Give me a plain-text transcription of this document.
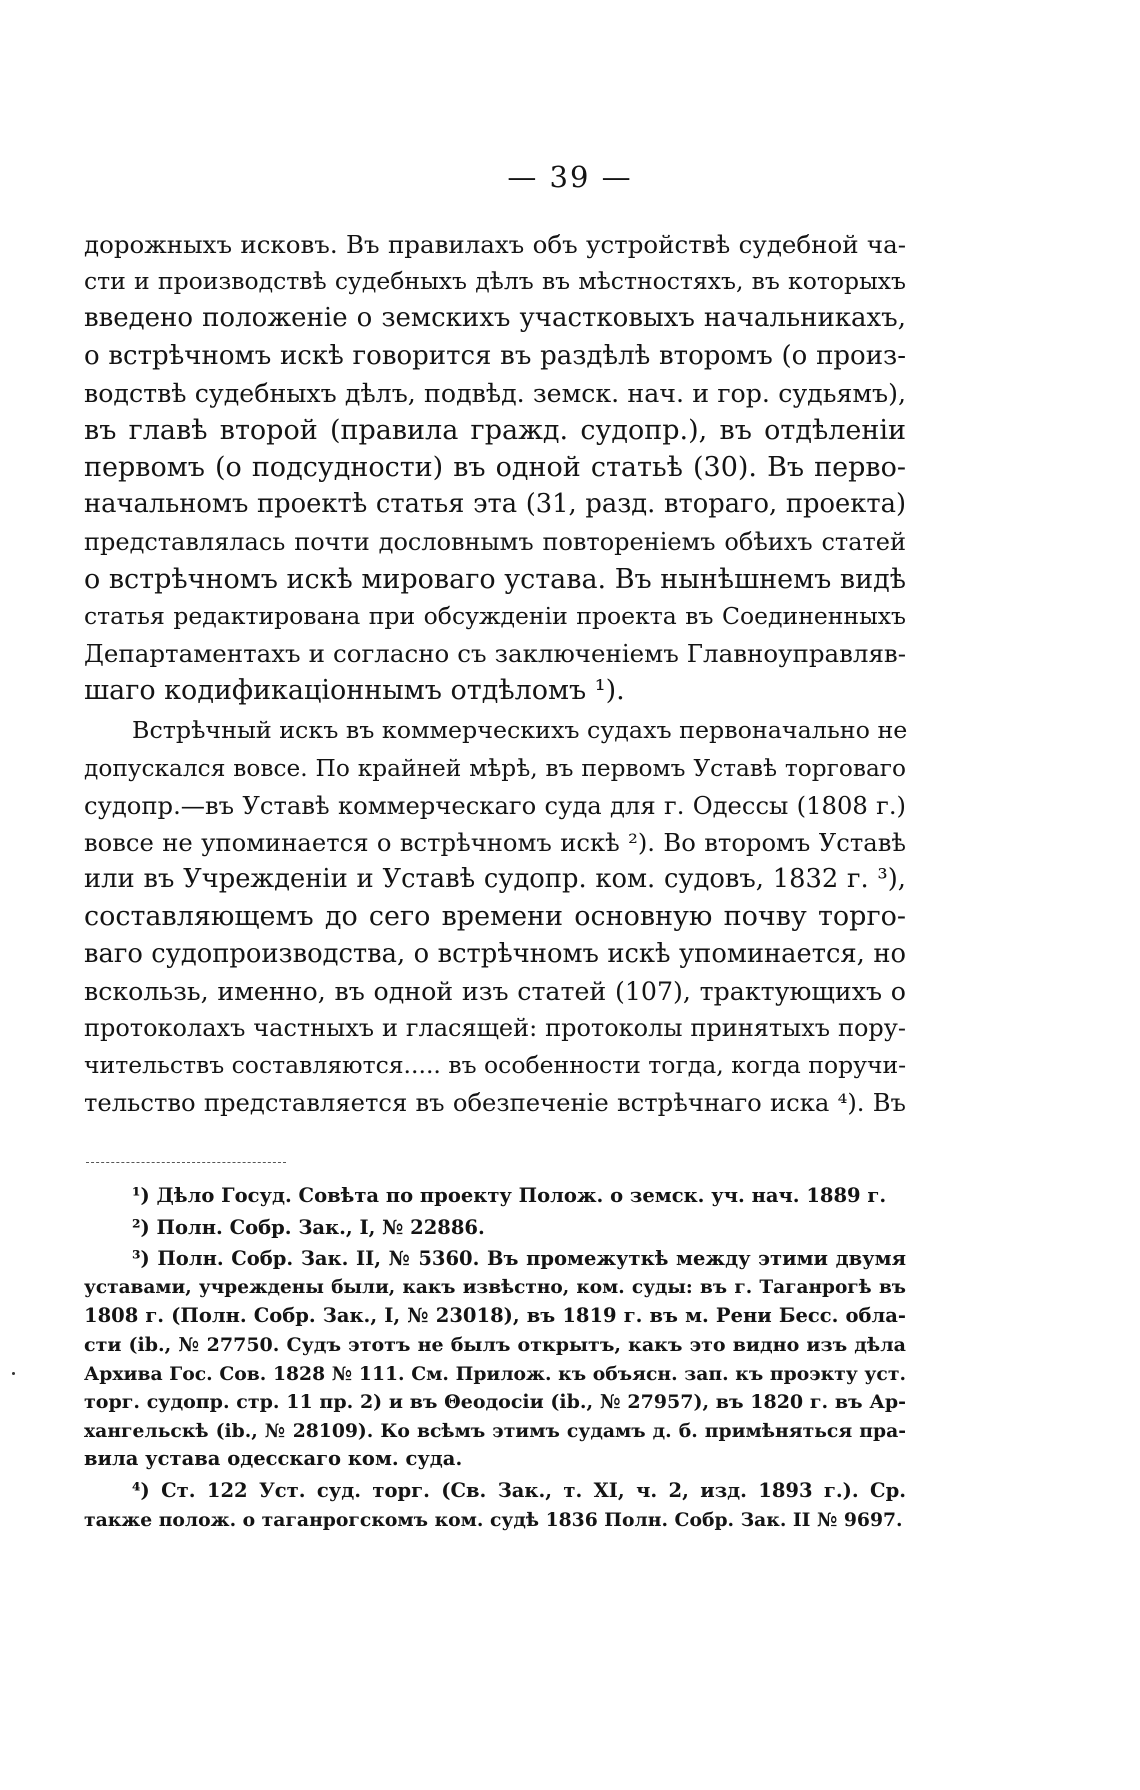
— 39 —
дорожныхъ исковъ. Въ правилахъ объ устройствѣ судебной ча-
сти и производствѣ судебныхъ дѣлъ въ мѣстностяхъ, въ которыхъ
введено положеніе о земскихъ участковыхъ начальникахъ,
о встрѣчномъ искѣ говорится въ раздѣлѣ второмъ (о произ-
водствѣ судебныхъ дѣлъ, подвѣд. земск. нач. и гор. судьямъ),
въ главѣ второй (правила гражд. судопр.), въ отдѣленіи
первомъ (о подсудности) въ одной статьѣ (30). Въ перво-
начальномъ проектѣ статья эта (31, разд. втораго, проекта)
представлялась почти дословнымъ повтореніемъ обѣихъ статей
о встрѣчномъ искѣ мироваго устава. Въ нынѣшнемъ видѣ
статья редактирована при обсужденіи проекта въ Соединенныхъ
Департаментахъ и согласно съ заключеніемъ Главноуправляв-
шаго кодификаціоннымъ отдѣломъ ¹).
Встрѣчный искъ въ коммерческихъ судахъ первоначально не
допускался вовсе. По крайней мѣрѣ, въ первомъ Уставѣ торговаго
судопр.—въ Уставѣ коммерческаго суда для г. Одессы (1808 г.)
вовсе не упоминается о встрѣчномъ искѣ ²). Во второмъ Уставѣ
или въ Учрежденіи и Уставѣ судопр. ком. судовъ, 1832 г. ³),
составляющемъ до сего времени основную почву торго-
ваго судопроизводства, о встрѣчномъ искѣ упоминается, но
вскользь, именно, въ одной изъ статей (107), трактующихъ о
протоколахъ частныхъ и гласящей: протоколы принятыхъ пору-
чительствъ составляются..... въ особенности тогда, когда поручи-
тельство представляется въ обезпеченіе встрѣчнаго иска ⁴). Въ
¹) Дѣло Госуд. Совѣта по проекту Полож. о земск. уч. нач. 1889 г.
²) Полн. Собр. Зак., I, № 22886.
³) Полн. Собр. Зак. II, № 5360. Въ промежуткѣ между этими двумя
уставами, учреждены были, какъ извѣстно, ком. суды: въ г. Таганрогѣ въ
1808 г. (Полн. Собр. Зак., I, № 23018), въ 1819 г. въ м. Рени Бесс. обла-
сти (ib., № 27750. Судъ этотъ не былъ открытъ, какъ это видно изъ дѣла
Архива Гос. Сов. 1828 № 111. См. Прилож. къ объясн. зап. къ проэкту уст.
торг. судопр. стр. 11 пр. 2) и въ Θеодосіи (ib., № 27957), въ 1820 г. въ Ар-
хангельскѣ (ib., № 28109). Ко всѣмъ этимъ судамъ д. б. примѣняться пра-
вила устава одесскаго ком. суда.
⁴) Ст. 122 Уст. суд. торг. (Св. Зак., т. XI, ч. 2, изд. 1893 г.). Ср.
также полож. о таганрогскомъ ком. судѣ 1836 Полн. Собр. Зак. II № 9697.
